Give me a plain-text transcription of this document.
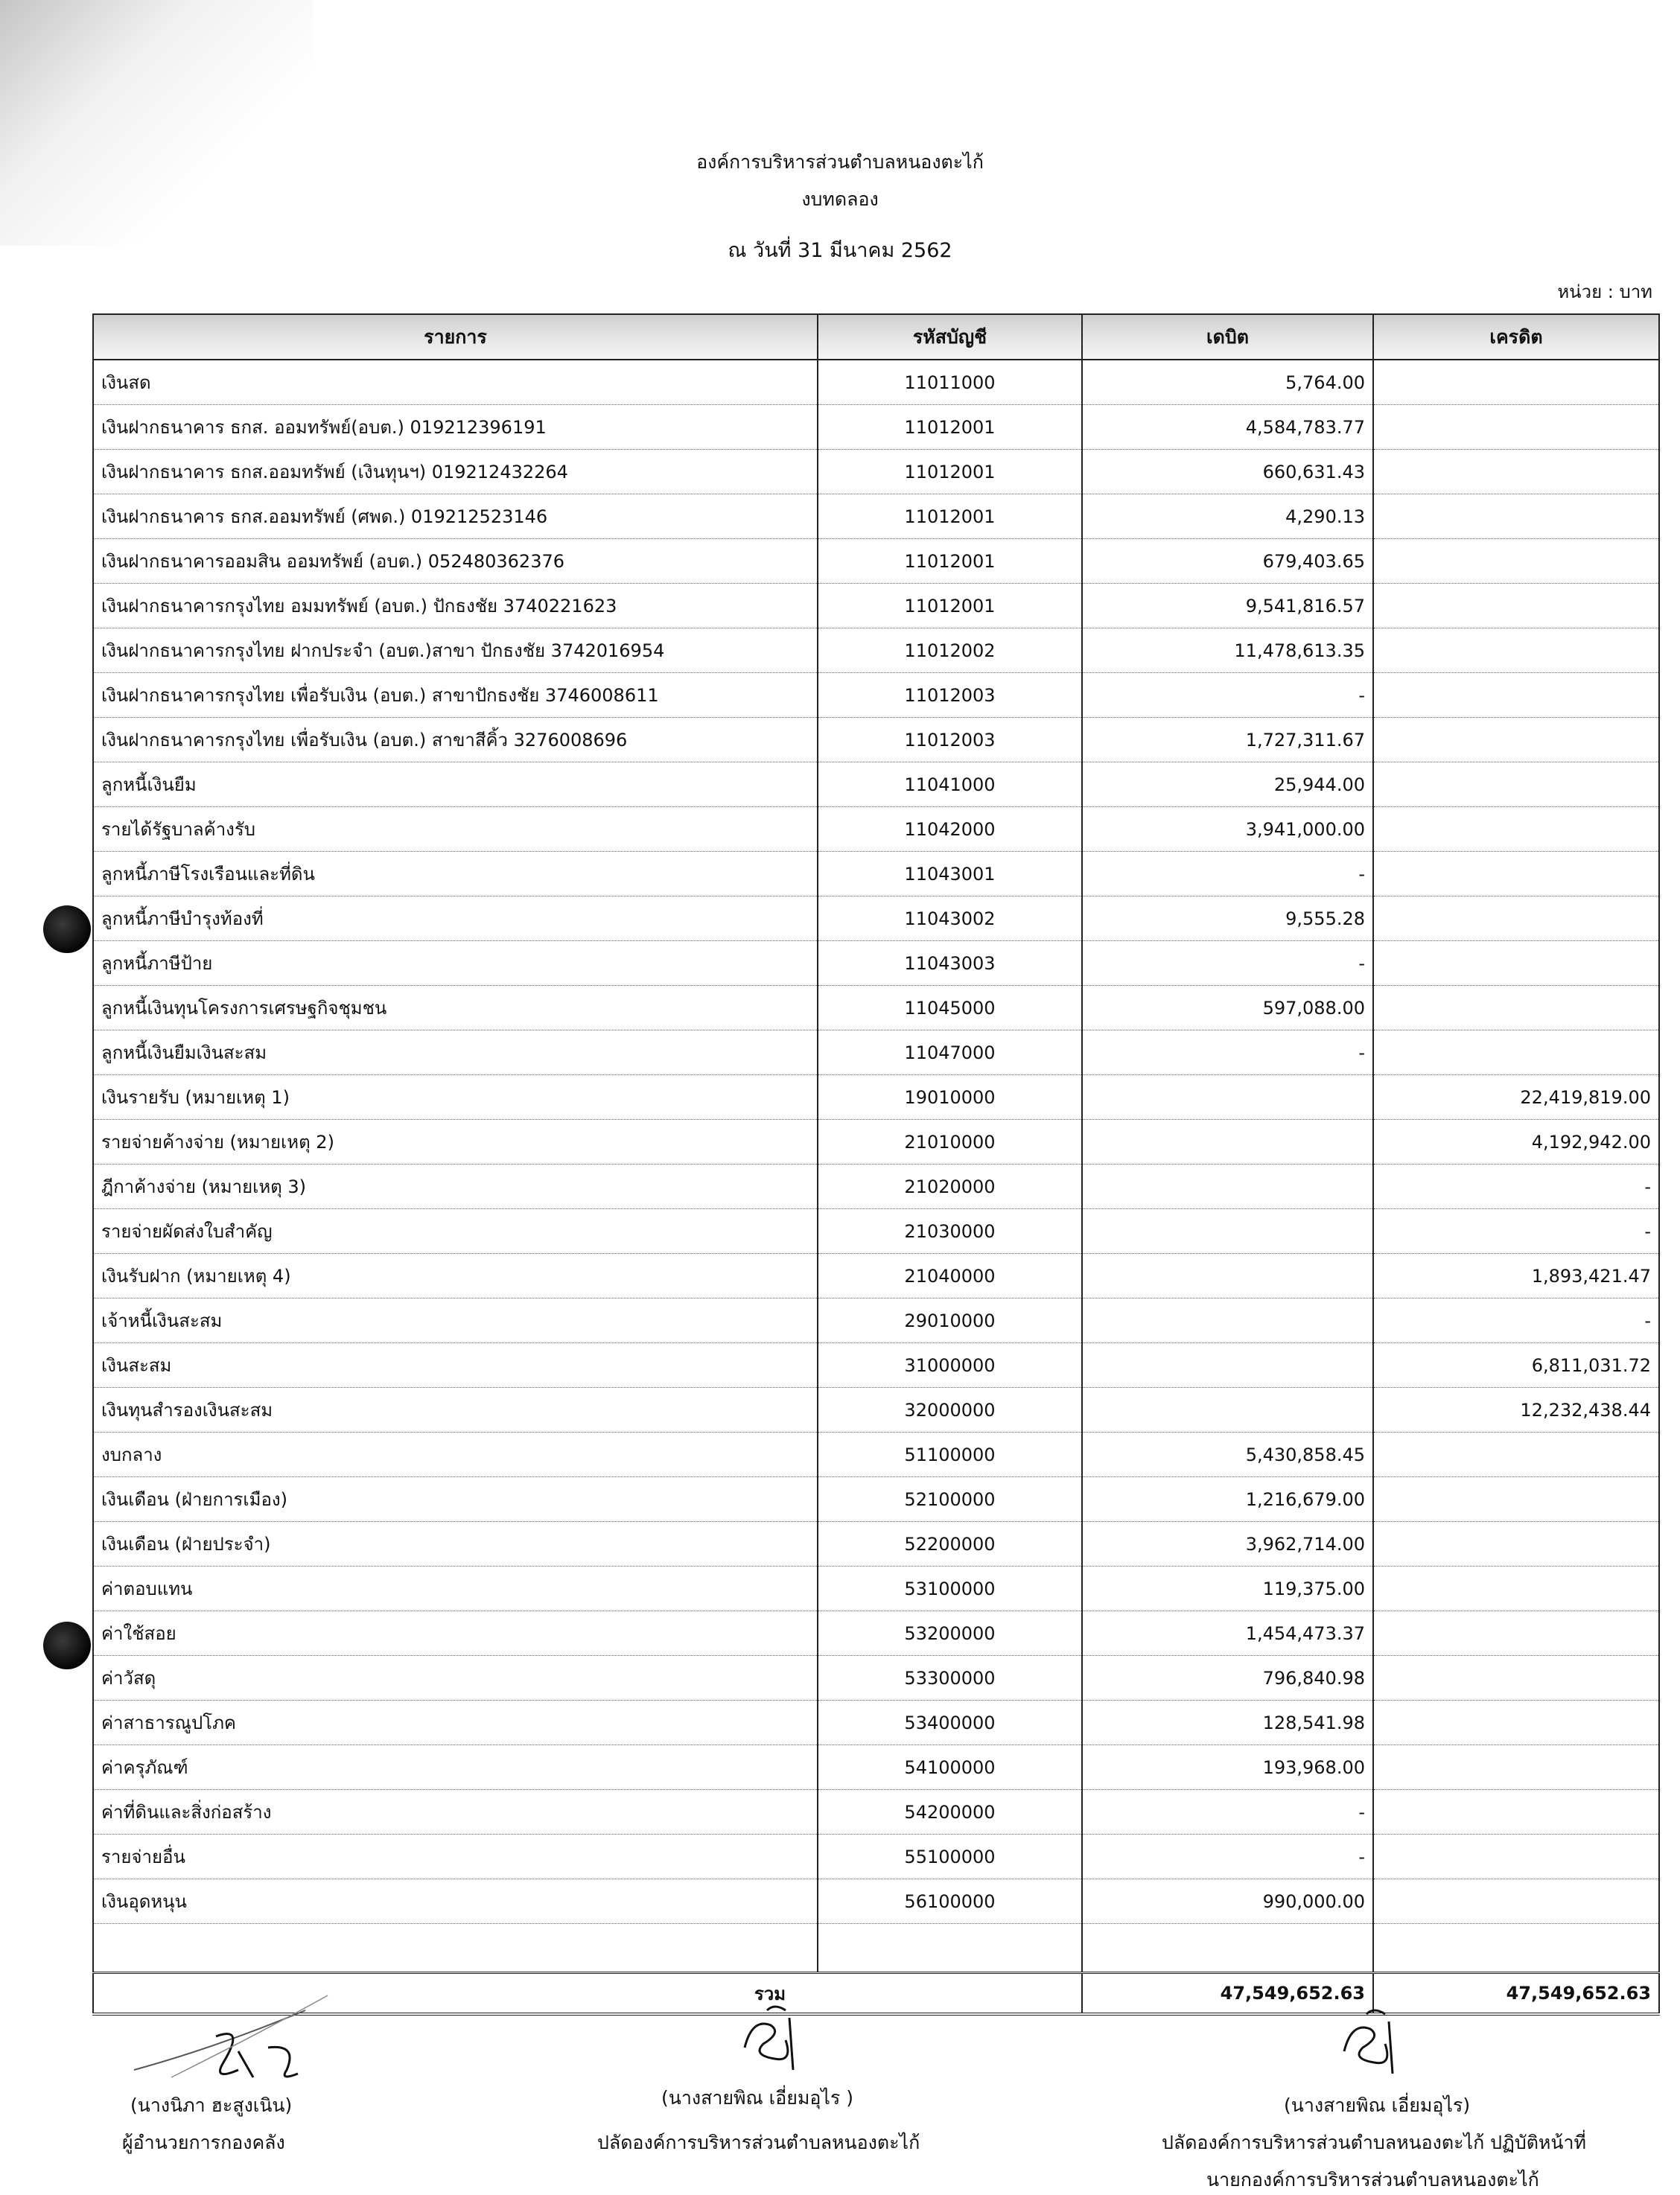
องค์การบริหารส่วนตำบลหนองตะไก้
งบทดลอง
ณ วันที่ 31 มีนาคม 2562
หน่วย : บาท
รายการ	รหัสบัญชี	เดบิต	เครดิต
เงินสด	11011000	5,764.00	
เงินฝากธนาคาร ธกส. ออมทรัพย์(อบต.) 019212396191	11012001	4,584,783.77	
เงินฝากธนาคาร ธกส.ออมทรัพย์ (เงินทุนฯ) 019212432264	11012001	660,631.43	
เงินฝากธนาคาร ธกส.ออมทรัพย์ (ศพด.) 019212523146	11012001	4,290.13	
เงินฝากธนาคารออมสิน ออมทรัพย์ (อบต.) 052480362376	11012001	679,403.65	
เงินฝากธนาคารกรุงไทย อมมทรัพย์ (อบต.) ปักธงชัย 3740221623	11012001	9,541,816.57	
เงินฝากธนาคารกรุงไทย ฝากประจำ (อบต.)สาขา ปักธงชัย 3742016954	11012002	11,478,613.35	
เงินฝากธนาคารกรุงไทย เพื่อรับเงิน (อบต.) สาขาปักธงชัย 3746008611	11012003	-	
เงินฝากธนาคารกรุงไทย เพื่อรับเงิน (อบต.) สาขาสีคิ้ว 3276008696	11012003	1,727,311.67	
ลูกหนี้เงินยืม	11041000	25,944.00	
รายได้รัฐบาลค้างรับ	11042000	3,941,000.00	
ลูกหนี้ภาษีโรงเรือนและที่ดิน	11043001	-	
ลูกหนี้ภาษีบำรุงท้องที่	11043002	9,555.28	
ลูกหนี้ภาษีป้าย	11043003	-	
ลูกหนี้เงินทุนโครงการเศรษฐกิจชุมชน	11045000	597,088.00	
ลูกหนี้เงินยืมเงินสะสม	11047000	-	
เงินรายรับ (หมายเหตุ 1)	19010000		22,419,819.00
รายจ่ายค้างจ่าย (หมายเหตุ 2)	21010000		4,192,942.00
ฎีกาค้างจ่าย (หมายเหตุ 3)	21020000		-
รายจ่ายผัดส่งใบสำคัญ	21030000		-
เงินรับฝาก (หมายเหตุ 4)	21040000		1,893,421.47
เจ้าหนี้เงินสะสม	29010000		-
เงินสะสม	31000000		6,811,031.72
เงินทุนสำรองเงินสะสม	32000000		12,232,438.44
งบกลาง	51100000	5,430,858.45	
เงินเดือน (ฝ่ายการเมือง)	52100000	1,216,679.00	
เงินเดือน (ฝ่ายประจำ)	52200000	3,962,714.00	
ค่าตอบแทน	53100000	119,375.00	
ค่าใช้สอย	53200000	1,454,473.37	
ค่าวัสดุ	53300000	796,840.98	
ค่าสาธารณูปโภค	53400000	128,541.98	
ค่าครุภัณฑ์	54100000	193,968.00	
ค่าที่ดินและสิ่งก่อสร้าง	54200000	-	
รายจ่ายอื่น	55100000	-	
เงินอุดหนุน	56100000	990,000.00	

รวม		47,549,652.63	47,549,652.63
(นางนิภา ฮะสูงเนิน)
ผู้อำนวยการกองคลัง
(นางสายพิณ เอี่ยมอุไร )
ปลัดองค์การบริหารส่วนตำบลหนองตะไก้
(นางสายพิณ เอี่ยมอุไร)
ปลัดองค์การบริหารส่วนตำบลหนองตะไก้ ปฏิบัติหน้าที่
นายกองค์การบริหารส่วนตำบลหนองตะไก้
